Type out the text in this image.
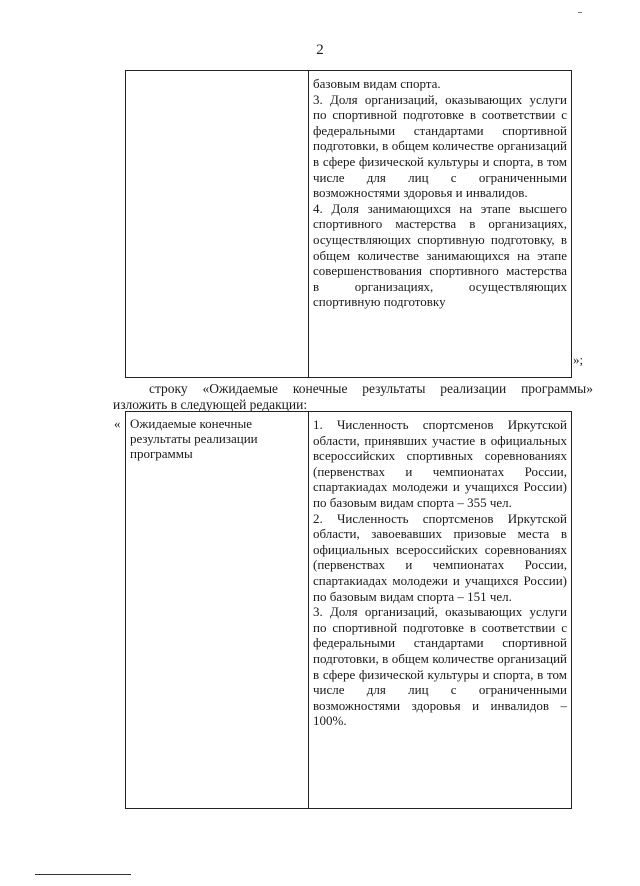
2

базовым видам спорта.

3. Доля организаций, оказывающих услуги по спортивной подготовке в соответствии с федеральными стандартами спортивной подготовки, в общем количестве организаций в сфере физической культуры и спорта, в том числе для лиц с ограниченными возможностями здоровья и инвалидов.

4. Доля занимающихся на этапе высшего спортивного мастерства в организациях, осуществляющих спортивную подготовку, в общем количестве занимающихся на этапе совершенствования спортивного мастерства в организациях, осуществляющих спортивную подготовку

»;
строку «Ожидаемые конечные результаты реализации программы»
изложить в следующей редакции:
« Ожидаемые конечные результаты реализации программы

1. Численность спортсменов Иркутской области, принявших участие в официальных всероссийских спортивных соревнованиях (первенствах и чемпионатах России, спартакиадах молодежи и учащихся России) по базовым видам спорта – 355 чел.

2. Численность спортсменов Иркутской области, завоевавших призовые места в официальных всероссийских соревнованиях (первенствах и чемпионатах России, спартакиадах молодежи и учащихся России) по базовым видам спорта – 151 чел.

3. Доля организаций, оказывающих услуги по спортивной подготовке в соответствии с федеральными стандартами спортивной подготовки, в общем количестве организаций в сфере физической культуры и спорта, в том числе для лиц с ограниченными возможностями здоровья и инвалидов – 100%.
